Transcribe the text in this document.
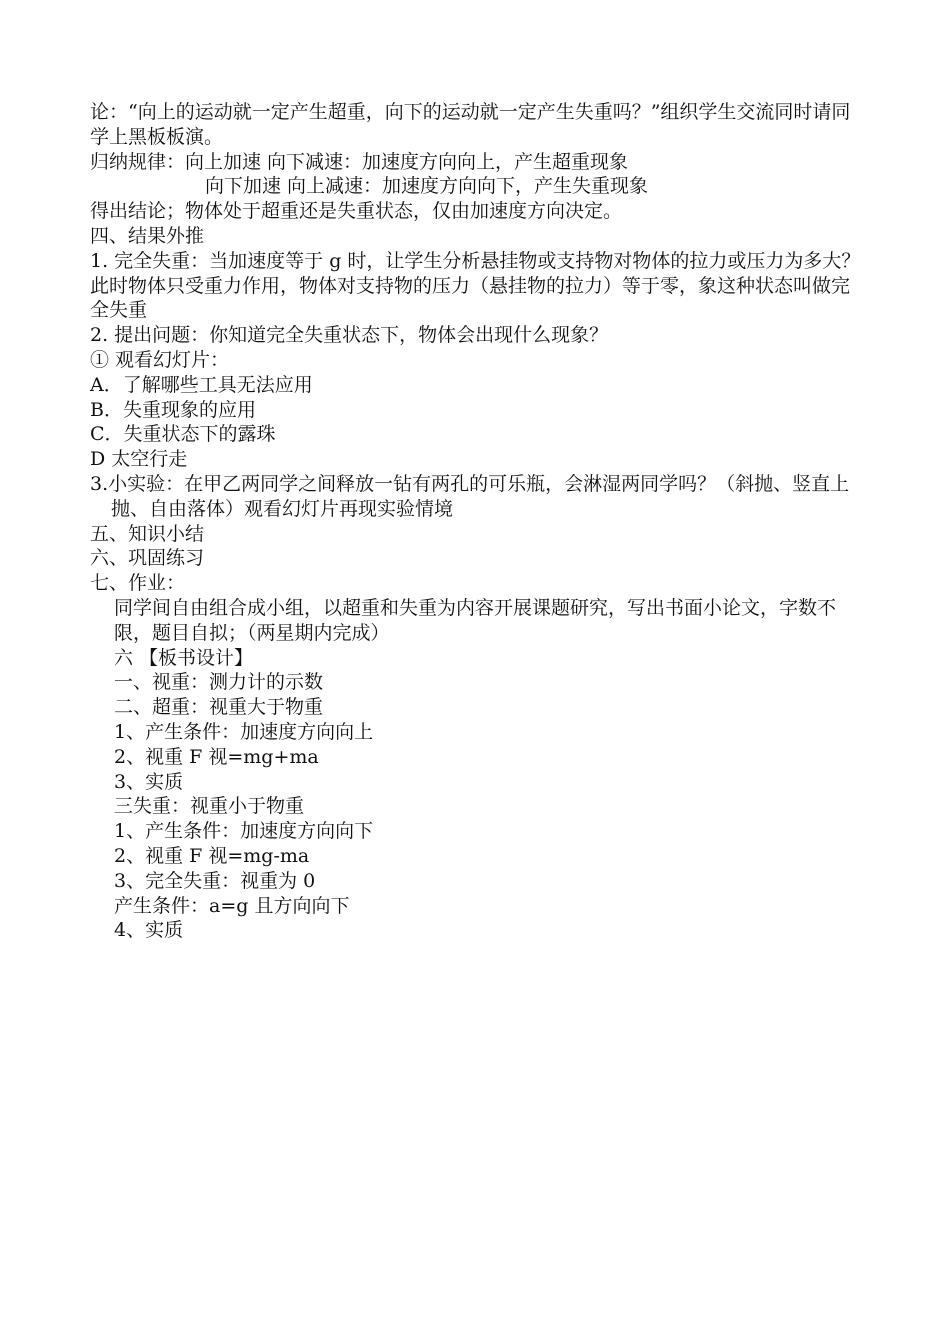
论：“向上的运动就一定产生超重，向下的运动就一定产生失重吗？”组织学生交流同时请同学上黑板板演。
归纳规律：向上加速 向下减速：加速度方向向上，产生超重现象
向下加速 向上减速：加速度方向向下，产生失重现象
得出结论；物体处于超重还是失重状态，仅由加速度方向决定。
四、结果外推
1. 完全失重：当加速度等于 g 时，让学生分析悬挂物或支持物对物体的拉力或压力为多大？此时物体只受重力作用，物体对支持物的压力（悬挂物的拉力）等于零，象这种状态叫做完全失重
2. 提出问题：你知道完全失重状态下，物体会出现什么现象？
① 观看幻灯片：
A．了解哪些工具无法应用
B．失重现象的应用
C．失重状态下的露珠
D 太空行走
3.小实验：在甲乙两同学之间释放一钻有两孔的可乐瓶，会淋湿两同学吗？（斜抛、竖直上抛、自由落体）观看幻灯片再现实验情境
五、知识小结
六、巩固练习
七、作业：
同学间自由组合成小组，以超重和失重为内容开展课题研究，写出书面小论文，字数不限，题目自拟；（两星期内完成）
六 【板书设计】
一、视重：测力计的示数
二、超重：视重大于物重
1、产生条件：加速度方向向上
2、视重 F 视=mg+ma
3、实质
三失重：视重小于物重
1、产生条件：加速度方向向下
2、视重 F 视=mg-ma
3、完全失重：视重为 0
产生条件：a=g 且方向向下
4、实质
